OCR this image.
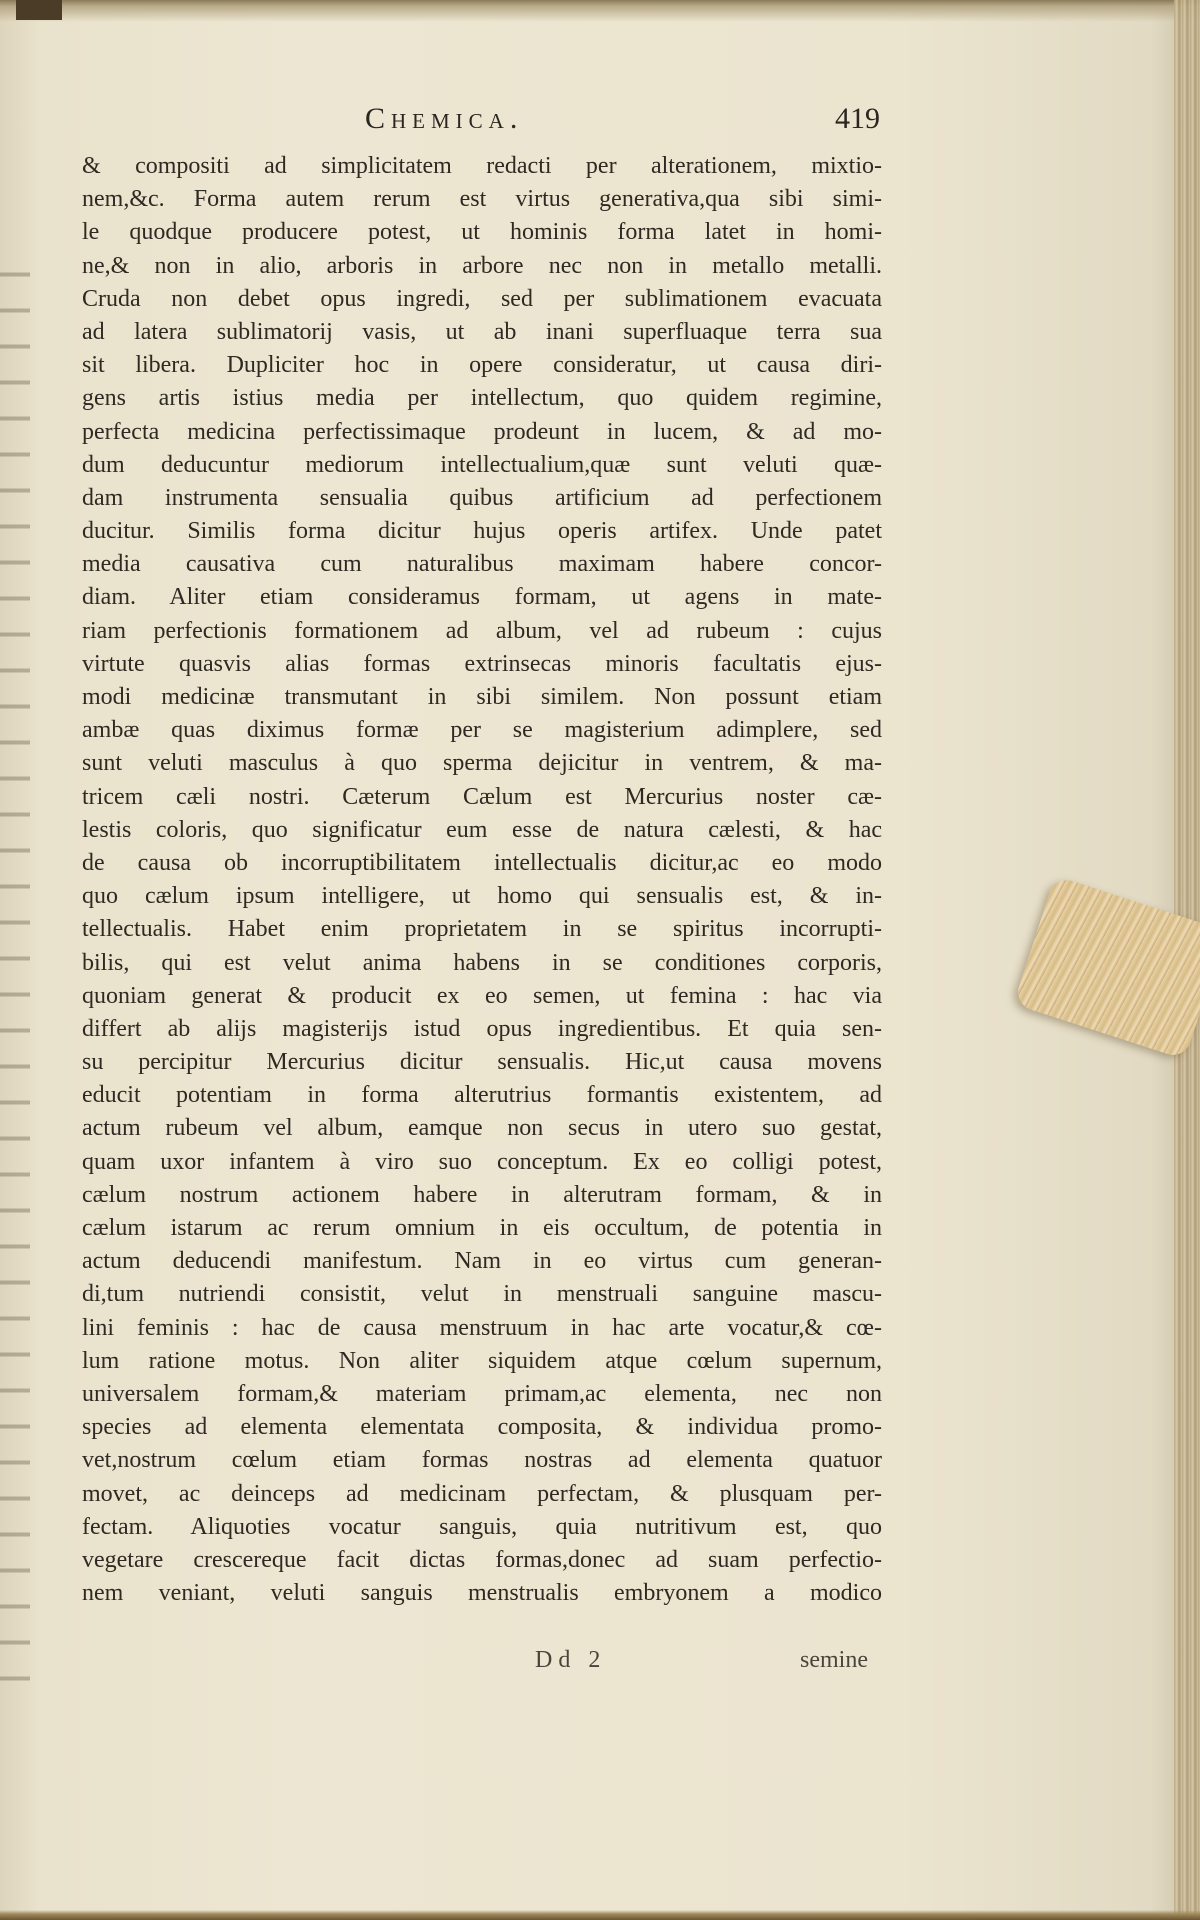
Chemica.	419
& compositi ad simplicitatem redacti per alterationem, mixtio-
nem,&c. Forma autem rerum est virtus generativa,qua sibi simi-
le quodque producere potest, ut hominis forma latet in homi-
ne,& non in alio, arboris in arbore nec non in metallo metalli.
Cruda non debet opus ingredi, sed per sublimationem evacuata
ad latera sublimatorij vasis, ut ab inani superfluaque terra sua
sit libera. Dupliciter hoc in opere consideratur, ut causa diri-
gens artis istius media per intellectum, quo quidem regimine,
perfecta medicina perfectissimaque prodeunt in lucem, & ad mo-
dum deducuntur mediorum intellectualium,quæ sunt veluti quæ-
dam instrumenta sensualia quibus artificium ad perfectionem
ducitur. Similis forma dicitur hujus operis artifex. Unde patet
media causativa cum naturalibus maximam habere concor-
diam. Aliter etiam consideramus formam, ut agens in mate-
riam perfectionis formationem ad album, vel ad rubeum : cujus
virtute quasvis alias formas extrinsecas minoris facultatis ejus-
modi medicinæ transmutant in sibi similem. Non possunt etiam
ambæ quas diximus formæ per se magisterium adimplere, sed
sunt veluti masculus à quo sperma dejicitur in ventrem, & ma-
tricem cæli nostri. Cæterum Cælum est Mercurius noster cæ-
lestis coloris, quo significatur eum esse de natura cælesti, & hac
de causa ob incorruptibilitatem intellectualis dicitur,ac eo modo
quo cælum ipsum intelligere, ut homo qui sensualis est, & in-
tellectualis. Habet enim proprietatem in se spiritus incorrupti-
bilis, qui est velut anima habens in se conditiones corporis,
quoniam generat & producit ex eo semen, ut femina : hac via
differt ab alijs magisterijs istud opus ingredientibus. Et quia sen-
su percipitur Mercurius dicitur sensualis. Hic,ut causa movens
educit potentiam in forma alterutrius formantis existentem, ad
actum rubeum vel album, eamque non secus in utero suo gestat,
quam uxor infantem à viro suo conceptum. Ex eo colligi potest,
cælum nostrum actionem habere in alterutram formam, & in
cælum istarum ac rerum omnium in eis occultum, de potentia in
actum deducendi manifestum. Nam in eo virtus cum generan-
di,tum nutriendi consistit, velut in menstruali sanguine mascu-
lini feminis : hac de causa menstruum in hac arte vocatur,& cœ-
lum ratione motus. Non aliter siquidem atque cœlum supernum,
universalem formam,& materiam primam,ac elementa, nec non
species ad elementa elementata composita, & individua promo-
vet,nostrum cœlum etiam formas nostras ad elementa quatuor
movet, ac deinceps ad medicinam perfectam, & plusquam per-
fectam. Aliquoties vocatur sanguis, quia nutritivum est, quo
vegetare crescereque facit dictas formas,donec ad suam perfectio-
nem veniant, veluti sanguis menstrualis embryonem a modico
Dd 2	semine
